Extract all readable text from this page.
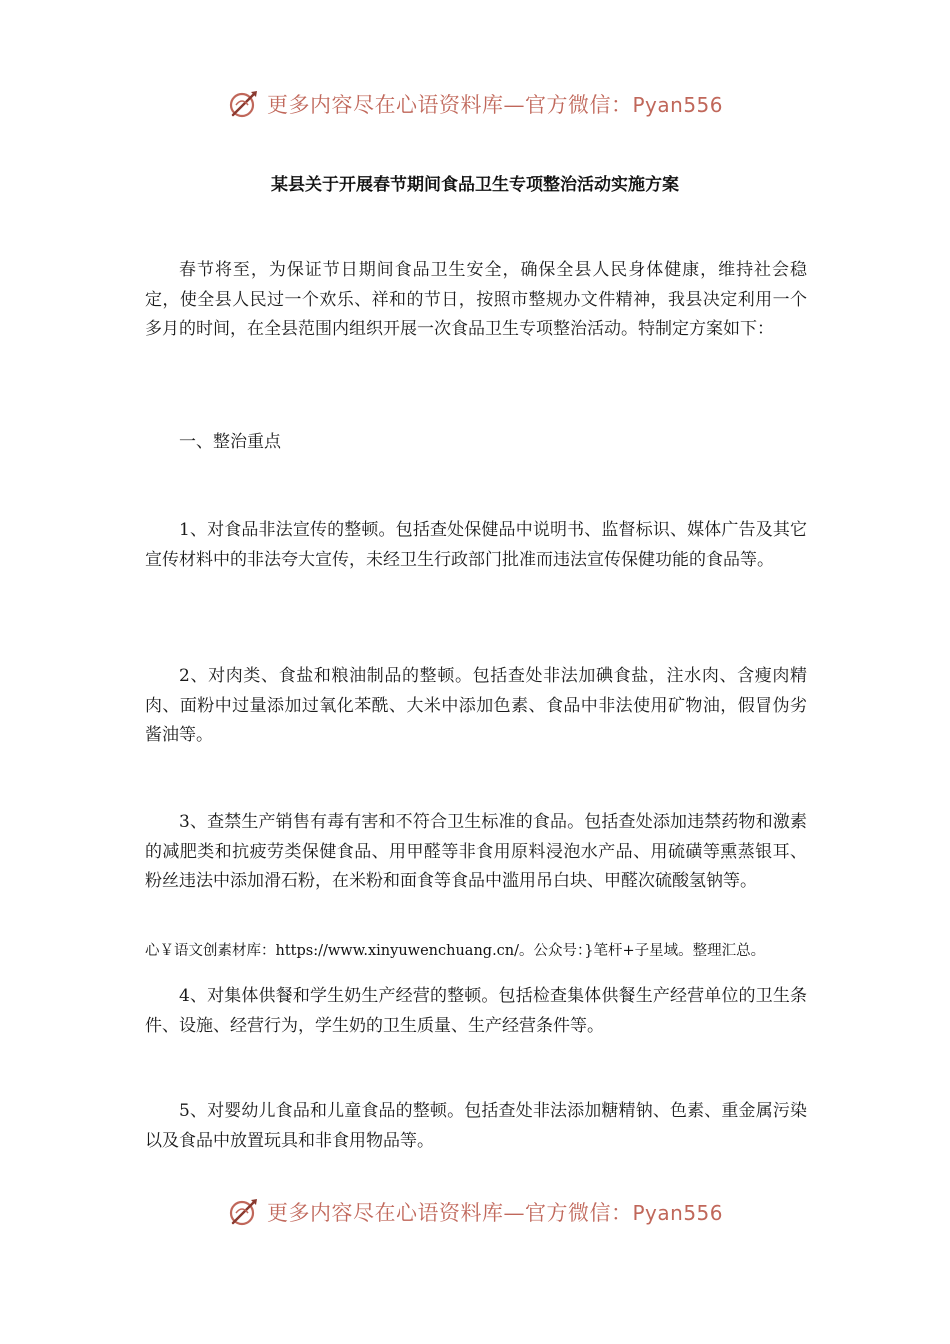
更多内容尽在心语资料库—官方微信：Pyan556
某县关于开展春节期间食品卫生专项整治活动实施方案

春节将至，为保证节日期间食品卫生安全，确保全县人民身体健康，维持社会稳定，使全县人民过一个欢乐、祥和的节日，按照市整规办文件精神，我县决定利用一个多月的时间，在全县范围内组织开展一次食品卫生专项整治活动。特制定方案如下：

一、整治重点

1、对食品非法宣传的整顿。包括查处保健品中说明书、监督标识、媒体广告及其它宣传材料中的非法夸大宣传，未经卫生行政部门批准而违法宣传保健功能的食品等。

2、对肉类、食盐和粮油制品的整顿。包括查处非法加碘食盐，注水肉、含瘦肉精肉、面粉中过量添加过氧化苯酰、大米中添加色素、食品中非法使用矿物油，假冒伪劣酱油等。

3、查禁生产销售有毒有害和不符合卫生标准的食品。包括查处添加违禁药物和激素的减肥类和抗疲劳类保健食品、用甲醛等非食用原料浸泡水产品、用硫磺等熏蒸银耳、粉丝违法中添加滑石粉，在米粉和面食等食品中滥用吊白块、甲醛次硫酸氢钠等。

心￥语文创素材库：https://www.xinyuwenchuang.cn/。公众号：}笔杆+子星域。整理汇总。

4、对集体供餐和学生奶生产经营的整顿。包括检查集体供餐生产经营单位的卫生条件、设施、经营行为，学生奶的卫生质量、生产经营条件等。

5、对婴幼儿食品和儿童食品的整顿。包括查处非法添加糖精钠、色素、重金属污染以及食品中放置玩具和非食用物品等。

更多内容尽在心语资料库—官方微信：Pyan556
